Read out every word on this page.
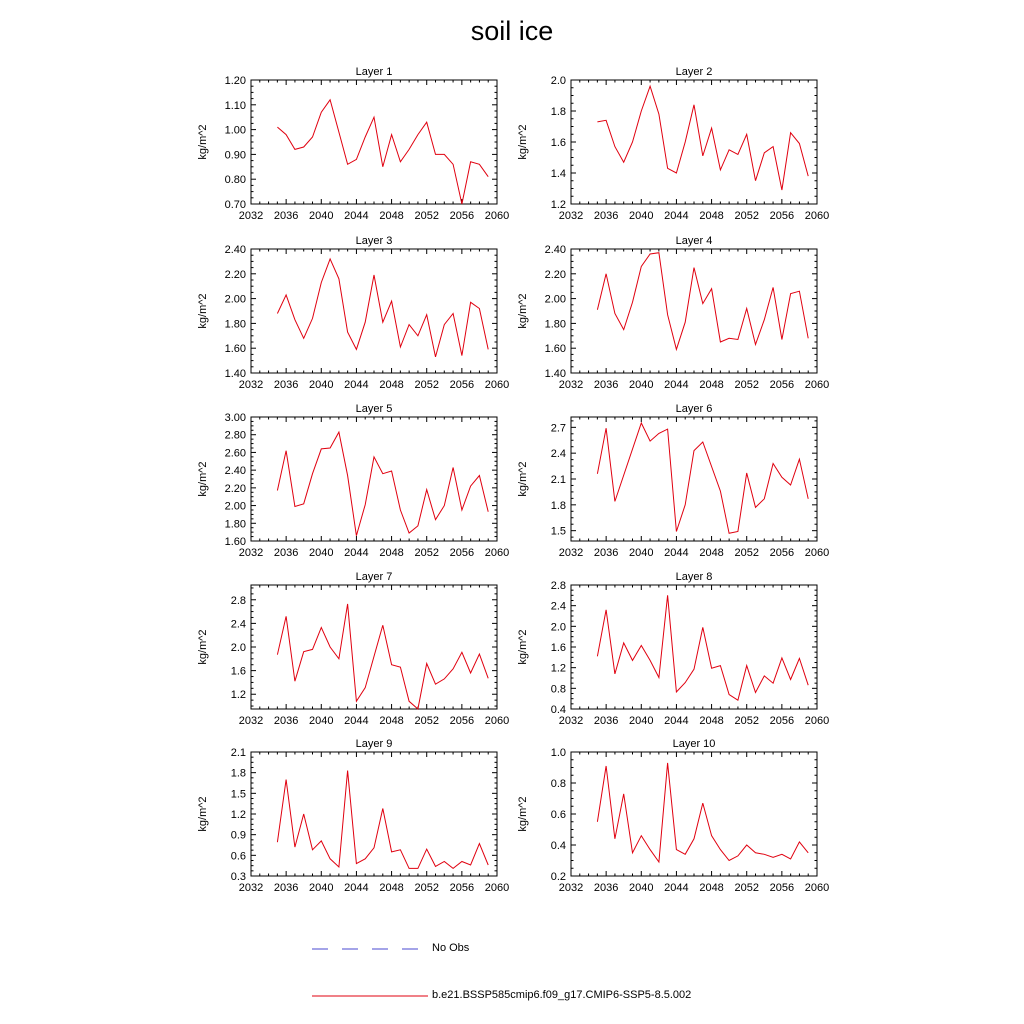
soil ice
Layer 1
2032 2036 2040 2044 2048 2052 2056 2060
0.70
0.80
0.90
1.00
1.10
1.20
kg/m^2
Layer 2
2032 2036 2040 2044 2048 2052 2056 2060
1.2
1.4
1.6
1.8
2.0
kg/m^2
Layer 3
2032 2036 2040 2044 2048 2052 2056 2060
1.40
1.60
1.80
2.00
2.20
2.40
kg/m^2
Layer 4
2032 2036 2040 2044 2048 2052 2056 2060
1.40
1.60
1.80
2.00
2.20
2.40
kg/m^2
Layer 5
2032 2036 2040 2044 2048 2052 2056 2060
1.60
1.80
2.00
2.20
2.40
2.60
2.80
3.00
kg/m^2
Layer 6
2032 2036 2040 2044 2048 2052 2056 2060
1.5
1.8
2.1
2.4
2.7
kg/m^2
Layer 7
2032 2036 2040 2044 2048 2052 2056 2060
1.2
1.6
2.0
2.4
2.8
kg/m^2
Layer 8
2032 2036 2040 2044 2048 2052 2056 2060
0.4
0.8
1.2
1.6
2.0
2.4
2.8
kg/m^2
Layer 9
2032 2036 2040 2044 2048 2052 2056 2060
0.3
0.6
0.9
1.2
1.5
1.8
2.1
kg/m^2
Layer 10
2032 2036 2040 2044 2048 2052 2056 2060
0.2
0.4
0.6
0.8
1.0
kg/m^2
No Obs
b.e21.BSSP585cmip6.f09_g17.CMIP6-SSP5-8.5.002
